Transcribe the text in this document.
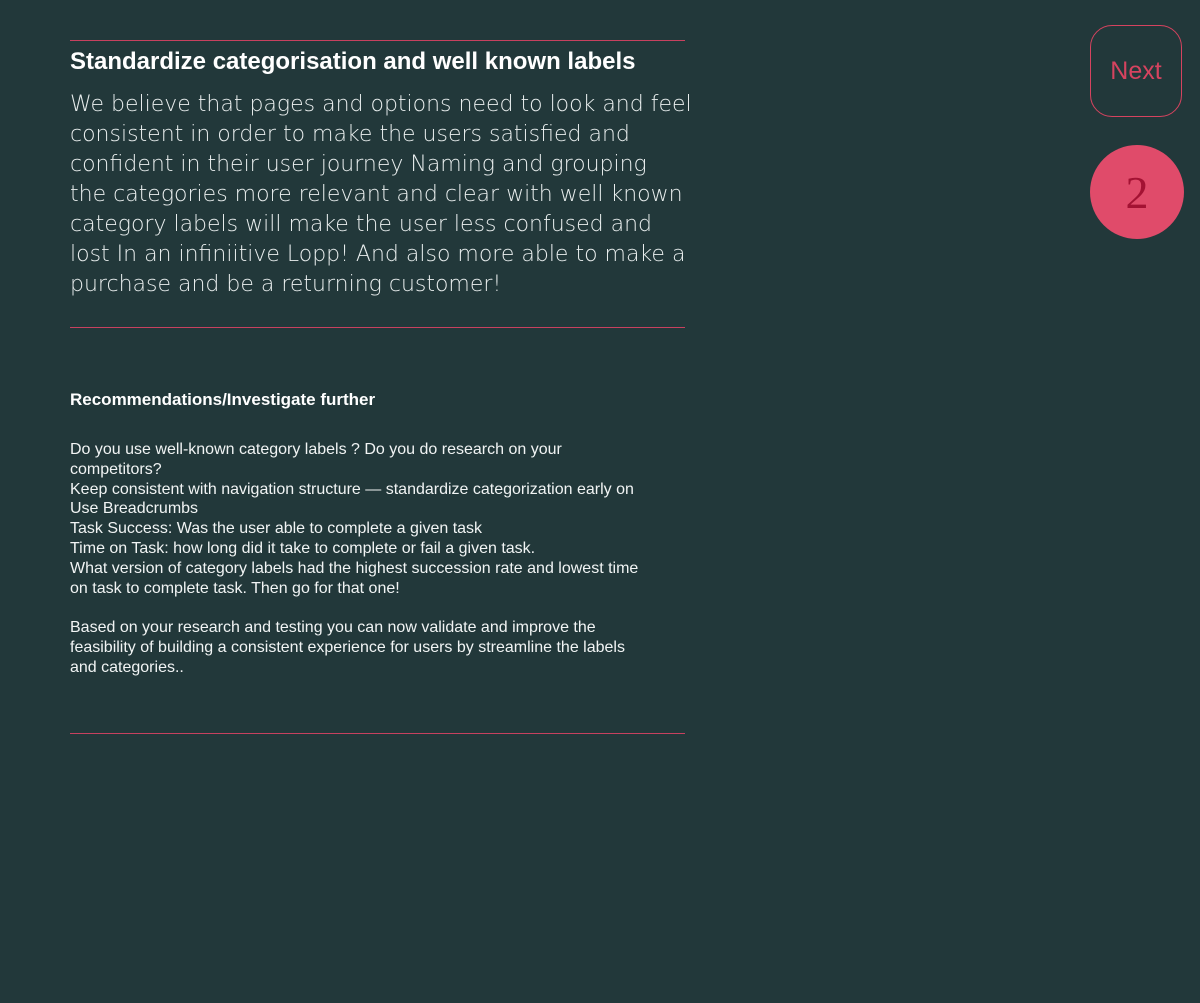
Standardize categorisation and well known labels

We believe that pages and options need to look and feel
consistent in order to make the users satisfied and
confident in their user journey Naming and grouping
the categories more relevant and clear with well known
category labels will make the user less confused and
lost In an infiniitive Lopp! And also more able to make a
purchase and be a returning customer!

Recommendations/Investigate further
Do you use well-known category labels ? Do you do research on your
competitors?
Keep consistent with navigation structure — standardize categorization early on
Use Breadcrumbs
Task Success: Was the user able to complete a given task
Time on Task: how long did it take to complete or fail a given task.
What version of category labels had the highest succession rate and lowest time
on task to complete task. Then go for that one!
Based on your research and testing you can now validate and improve the
feasibility of building a consistent experience for users by streamline the labels
and categories..
Next
2
